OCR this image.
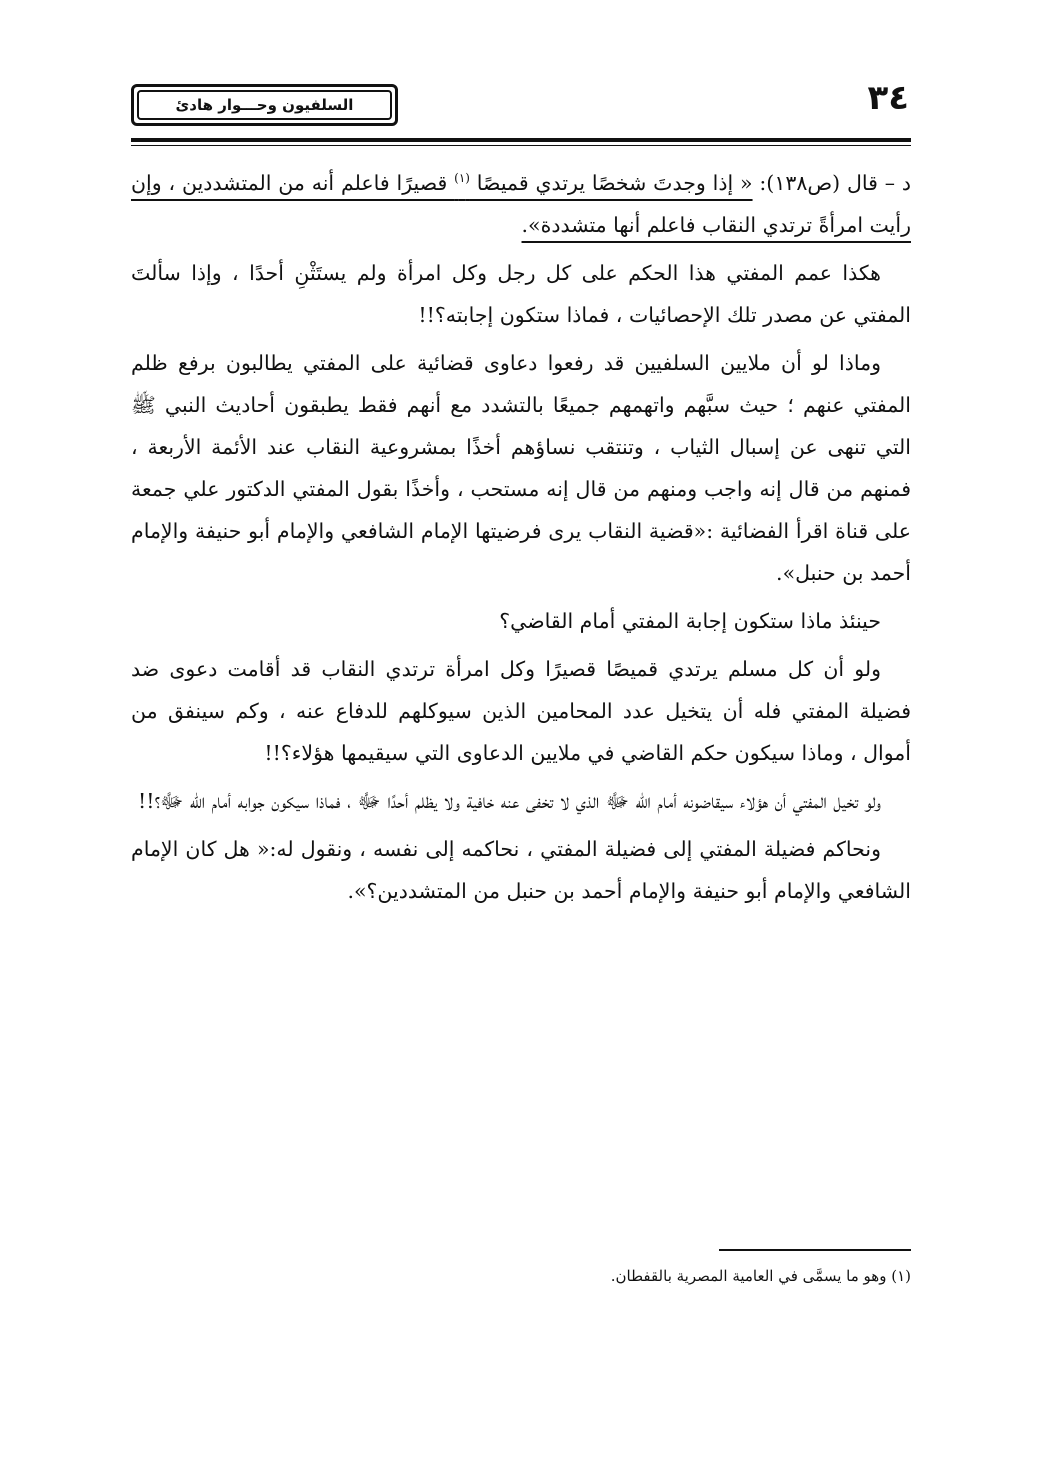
السلفيون وحـــوار هادئ	٣٤

د – قال (ص١٣٨): « إذا وجدتَ شخصًا يرتدي قميصًا $^{(١)}$ قصيرًا فاعلم أنه من المتشددين ، وإن رأيت امرأةً ترتدي النقاب فاعلم أنها متشددة».

هكذا عمم المفتي هذا الحكم على كل رجل وكل امرأة ولم يستَثْنِ أحدًا ، وإذا سألتَ المفتي عن مصدر تلك الإحصائيات ، فماذا ستكون إجابته؟!!

وماذا لو أن ملايين السلفيين قد رفعوا دعاوى قضائية على المفتي يطالبون برفع ظلم المفتي عنهم ؛ حيث سبَّهم واتهمهم جميعًا بالتشدد مع أنهم فقط يطبقون أحاديث النبي ﷺ التي تنهى عن إسبال الثياب ، وتنتقب نساؤهم أخذًا بمشروعية النقاب عند الأئمة الأربعة ، فمنهم من قال إنه واجب ومنهم من قال إنه مستحب ، وأخذًا بقول المفتي الدكتور علي جمعة على قناة اقرأ الفضائية :«قضية النقاب يرى فرضيتها الإمام الشافعي والإمام أبو حنيفة والإمام أحمد بن حنبل».

حينئذ ماذا ستكون إجابة المفتي أمام القاضي؟

ولو أن كل مسلم يرتدي قميصًا قصيرًا وكل امرأة ترتدي النقاب قد أقامت دعوى ضد فضيلة المفتي فله أن يتخيل عدد المحامين الذين سيوكلهم للدفاع عنه ، وكم سينفق من أموال ، وماذا سيكون حكم القاضي في ملايين الدعاوى التي سيقيمها هؤلاء؟!!

ولو تخيل المفتي أن هؤلاء سيقاضونه أمام الله ﷻ الذي لا تخفى عنه خافية ولا يظلم أحدًا ﷻ ، فماذا سيكون جوابه أمام الله ﷻ؟!!

ونحاكم فضيلة المفتي إلى فضيلة المفتي ، نحاكمه إلى نفسه ، ونقول له:« هل كان الإمام الشافعي والإمام أبو حنيفة والإمام أحمد بن حنبل من المتشددين؟».

(١) وهو ما يسمَّى في العامية المصرية بالقفطان.
